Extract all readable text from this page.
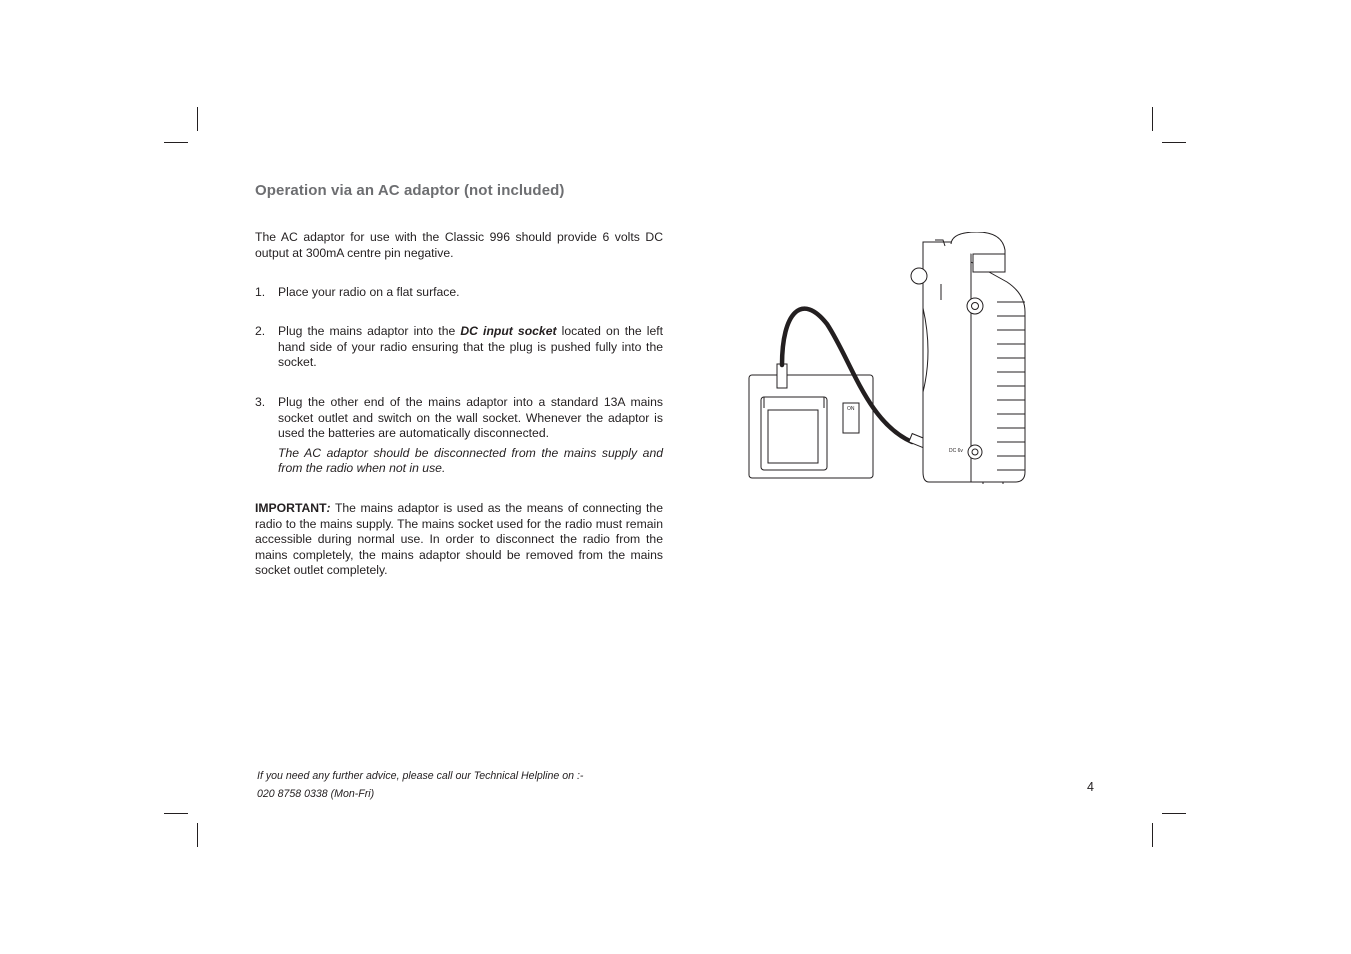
Operation via an AC adaptor (not included)
The AC adaptor for use with the Classic 996 should provide 6 volts DC output at 300mA centre pin negative.
1.	Place your radio on a flat surface.
2.	Plug the mains adaptor into the DC input socket located on the left hand side of your radio ensuring that the plug is pushed fully into the socket.
3.	Plug the other end of the mains adaptor into a standard 13A mains socket outlet and switch on the wall socket. Whenever the adaptor is used the batteries are automatically disconnected.
The AC adaptor should be disconnected from the mains supply and from the radio when not in use.
IMPORTANT: The mains adaptor is used as the means of connecting the radio to the mains supply. The mains socket used for the radio must remain accessible during normal use. In order to disconnect the radio from the mains completely, the mains adaptor should be removed from the mains socket outlet completely.
ON
DC 6v
If you need any further advice, please call our Technical Helpline on :-
020 8758 0338 (Mon-Fri)	4
